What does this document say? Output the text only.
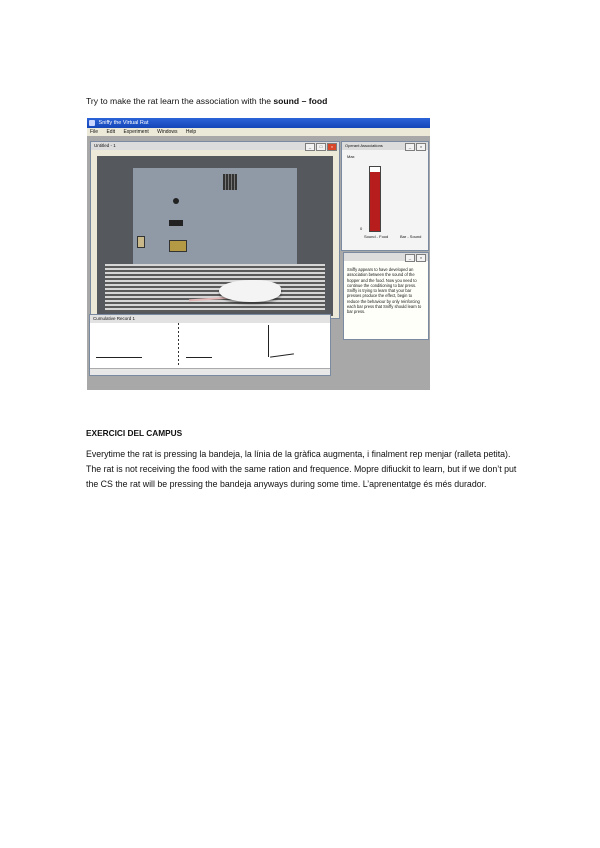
Try to make the rat learn the association with the sound – food
Sniffy the Virtual Rat
File Edit Experiment Windows Help
Untitled - 1	_ □ ×
Cumulative Record 1
Operant Associations	_ ×
Max
0
Sound - Food	Bar - Sound
_ ×
Sniffy appears to have developed an association between the sound of the hopper and the food. Now you need to continue the conditioning to bar press. Sniffy is trying to learn that your bar presses produce the effect, begin to reduce the behaviour by only reinforcing each bar press that Sniffy should learn to bar press.
EXERCICI DEL CAMPUS
Everytime the rat is pressing la bandeja, la línia de la gràfica augmenta, i finalment rep menjar (ralleta petita). The rat is not receiving the food with the same ration and frequence. Mopre difiuckit to learn, but if we don’t put the CS the rat will be pressing the bandeja anyways during some time. L’aprenentatge és més durador.
